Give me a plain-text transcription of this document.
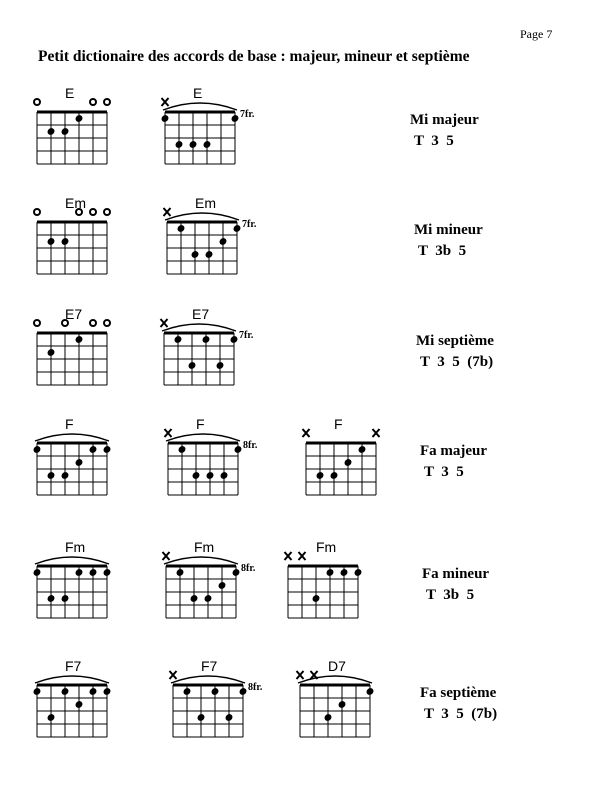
Page 7
Petit dictionaire des accords de base : majeur, mineur et septième
E	E
7fr.
Em	Em
7fr.
E7	E7
7fr.
F	F
8fr.
F
Fm	Fm
8fr.
Fm
F7	F7
8fr.
D7
Mi majeur
T  3  5
Mi mineur
T  3b  5
Mi septième
T  3  5  (7b)
Fa majeur
T  3  5
Fa mineur
T  3b  5
Fa septième
T  3  5  (7b)
